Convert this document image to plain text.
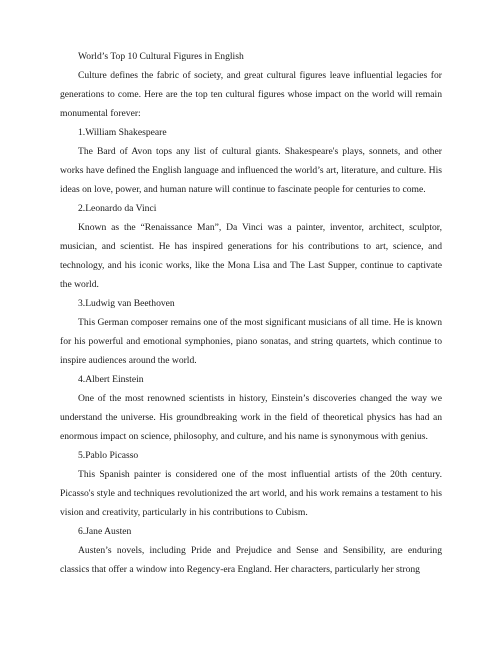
World’s Top 10 Cultural Figures in English

Culture defines the fabric of society, and great cultural figures leave influential legacies for generations to come. Here are the top ten cultural figures whose impact on the world will remain monumental forever:

1.William Shakespeare

The Bard of Avon tops any list of cultural giants. Shakespeare's plays, sonnets, and other works have defined the English language and influenced the world’s art, literature, and culture. His ideas on love, power, and human nature will continue to fascinate people for centuries to come.

2.Leonardo da Vinci

Known as the “Renaissance Man”, Da Vinci was a painter, inventor, architect, sculptor, musician, and scientist. He has inspired generations for his contributions to art, science, and technology, and his iconic works, like the Mona Lisa and The Last Supper, continue to captivate the world.

3.Ludwig van Beethoven

This German composer remains one of the most significant musicians of all time. He is known for his powerful and emotional symphonies, piano sonatas, and string quartets, which continue to inspire audiences around the world.

4.Albert Einstein

One of the most renowned scientists in history, Einstein’s discoveries changed the way we understand the universe. His groundbreaking work in the field of theoretical physics has had an enormous impact on science, philosophy, and culture, and his name is synonymous with genius.

5.Pablo Picasso

This Spanish painter is considered one of the most influential artists of the 20th century. Picasso's style and techniques revolutionized the art world, and his work remains a testament to his vision and creativity, particularly in his contributions to Cubism.

6.Jane Austen

Austen’s novels, including Pride and Prejudice and Sense and Sensibility, are enduring classics that offer a window into Regency-era England. Her characters, particularly her strong
